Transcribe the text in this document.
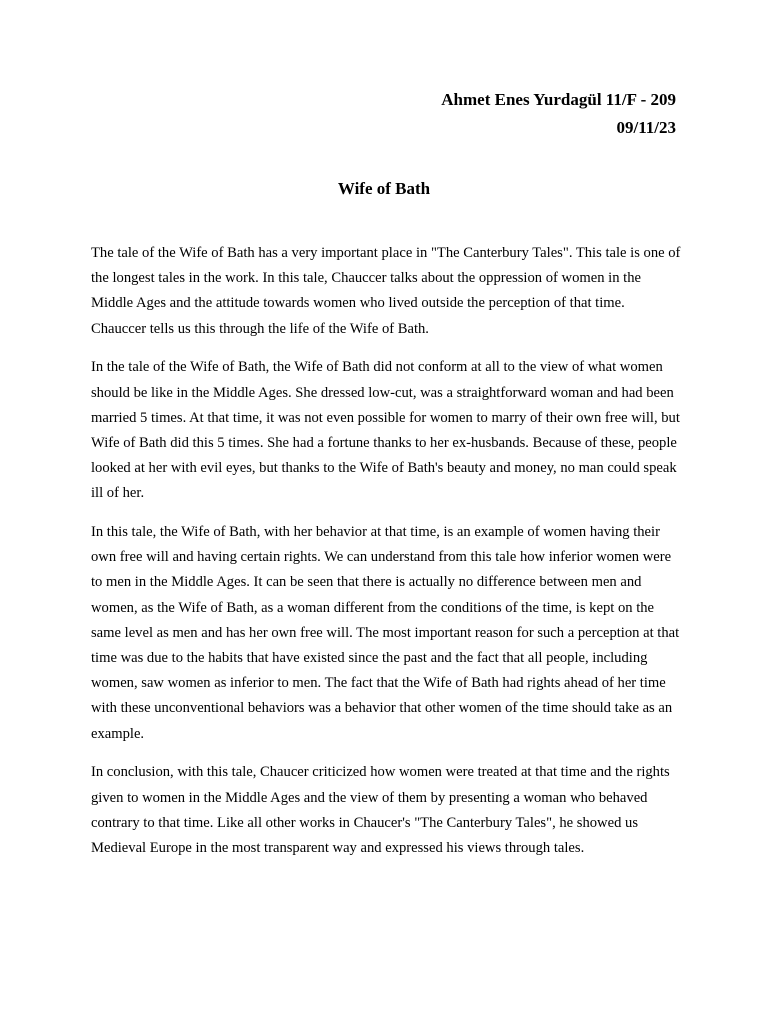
Ahmet Enes Yurdagül 11/F - 209
09/11/23
Wife of Bath

The tale of the Wife of Bath has a very important place in "The Canterbury Tales". This tale is one of the longest tales in the work. In this tale, Chauccer talks about the oppression of women in the Middle Ages and the attitude towards women who lived outside the perception of that time. Chauccer tells us this through the life of the Wife of Bath.

In the tale of the Wife of Bath, the Wife of Bath did not conform at all to the view of what women should be like in the Middle Ages. She dressed low-cut, was a straightforward woman and had been married 5 times. At that time, it was not even possible for women to marry of their own free will, but Wife of Bath did this 5 times. She had a fortune thanks to her ex-husbands. Because of these, people looked at her with evil eyes, but thanks to the Wife of Bath's beauty and money, no man could speak ill of her.

In this tale, the Wife of Bath, with her behavior at that time, is an example of women having their own free will and having certain rights. We can understand from this tale how inferior women were to men in the Middle Ages. It can be seen that there is actually no difference between men and women, as the Wife of Bath, as a woman different from the conditions of the time, is kept on the same level as men and has her own free will. The most important reason for such a perception at that time was due to the habits that have existed since the past and the fact that all people, including women, saw women as inferior to men. The fact that the Wife of Bath had rights ahead of her time with these unconventional behaviors was a behavior that other women of the time should take as an example.

In conclusion, with this tale, Chaucer criticized how women were treated at that time and the rights given to women in the Middle Ages and the view of them by presenting a woman who behaved contrary to that time. Like all other works in Chaucer's "The Canterbury Tales", he showed us Medieval Europe in the most transparent way and expressed his views through tales.
